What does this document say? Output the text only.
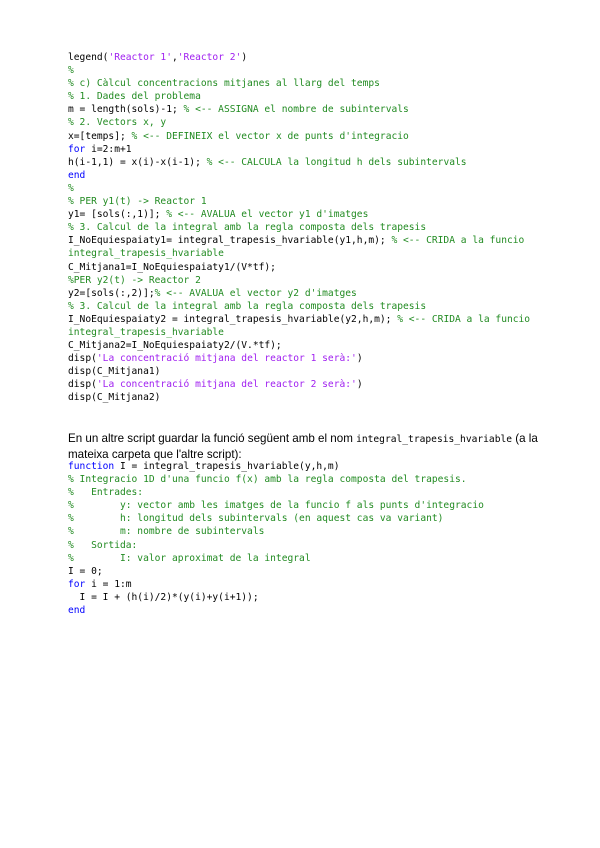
legend('Reactor 1','Reactor 2')
%
% c) Càlcul concentracions mitjanes al llarg del temps
% 1. Dades del problema
m = length(sols)-1; % <-- ASSIGNA el nombre de subintervals
% 2. Vectors x, y
x=[temps]; % <-- DEFINEIX el vector x de punts d'integracio
for i=2:m+1
h(i-1,1) = x(i)-x(i-1); % <-- CALCULA la longitud h dels subintervals
end
%
% PER y1(t) -> Reactor 1
y1= [sols(:,1)]; % <-- AVALUA el vector y1 d'imatges
% 3. Calcul de la integral amb la regla composta dels trapesis
I_NoEquiespaiaty1= integral_trapesis_hvariable(y1,h,m); % <-- CRIDA a la funcio
integral_trapesis_hvariable
C_Mitjana1=I_NoEquiespaiaty1/(V*tf);
%PER y2(t) -> Reactor 2
y2=[sols(:,2)];% <-- AVALUA el vector y2 d'imatges
% 3. Calcul de la integral amb la regla composta dels trapesis
I_NoEquiespaiaty2 = integral_trapesis_hvariable(y2,h,m); % <-- CRIDA a la funcio
integral_trapesis_hvariable
C_Mitjana2=I_NoEquiespaiaty2/(V.*tf);
disp('La concentració mitjana del reactor 1 serà:')
disp(C_Mitjana1)
disp('La concentració mitjana del reactor 2 serà:')
disp(C_Mitjana2)
En un altre script guardar la funció següent amb el nom integral_trapesis_hvariable (a la mateixa carpeta que l'altre script):
function I = integral_trapesis_hvariable(y,h,m)
% Integracio 1D d'una funcio f(x) amb la regla composta del trapesis.
%   Entrades:
%        y: vector amb les imatges de la funcio f als punts d'integracio
%        h: longitud dels subintervals (en aquest cas va variant)
%        m: nombre de subintervals
%   Sortida:
%        I: valor aproximat de la integral
I = 0;
for i = 1:m
I = I + (h(i)/2)*(y(i)+y(i+1));
end
